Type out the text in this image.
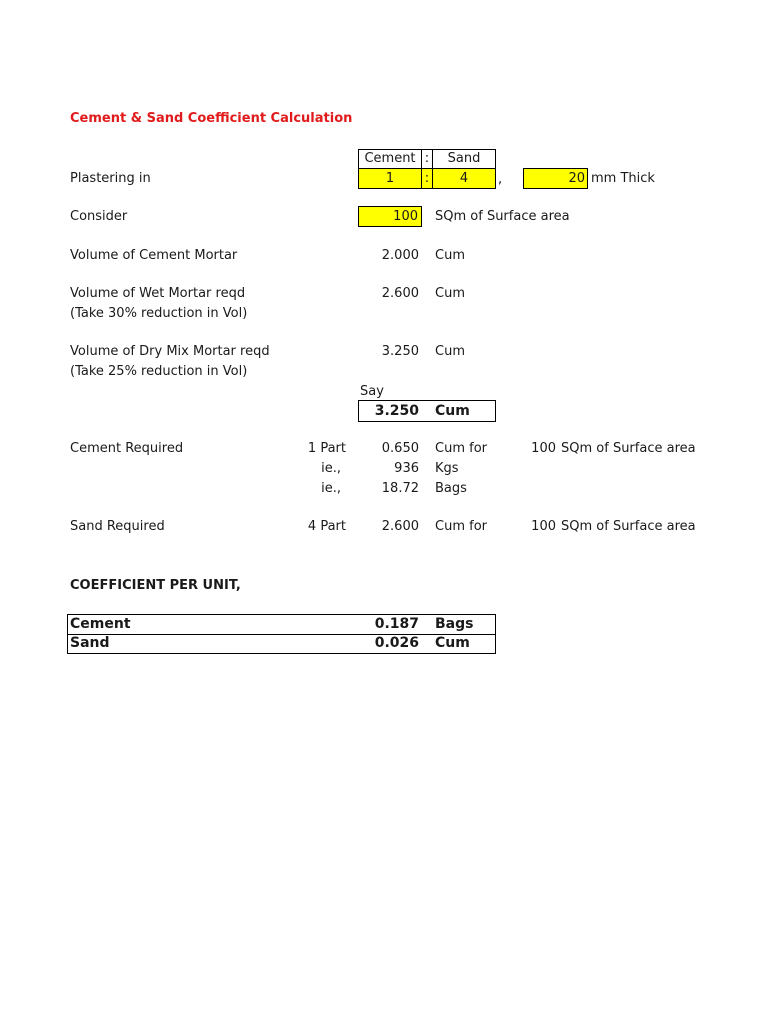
Cement & Sand Coefficient Calculation
Cement :	Sand
Plastering in	1	:	4	,	20 mm Thick
Consider	100	SQm of Surface area
Volume of Cement Mortar	2.000 Cum
Volume of Wet Mortar reqd
(Take 30% reduction in Vol)
2.600 Cum
Volume of Dry Mix Mortar reqd
(Take 25% reduction in Vol)
3.250 Cum
Say
3.250 Cum
Cement Required	1 Part	0.650 Cum for	100 SQm of Surface area
ie.,	936 Kgs
ie.,	18.72 Bags
Sand Required	4 Part	2.600 Cum for	100 SQm of Surface area
COEFFICIENT PER UNIT,
Cement	0.187 Bags
Sand	0.026 Cum
